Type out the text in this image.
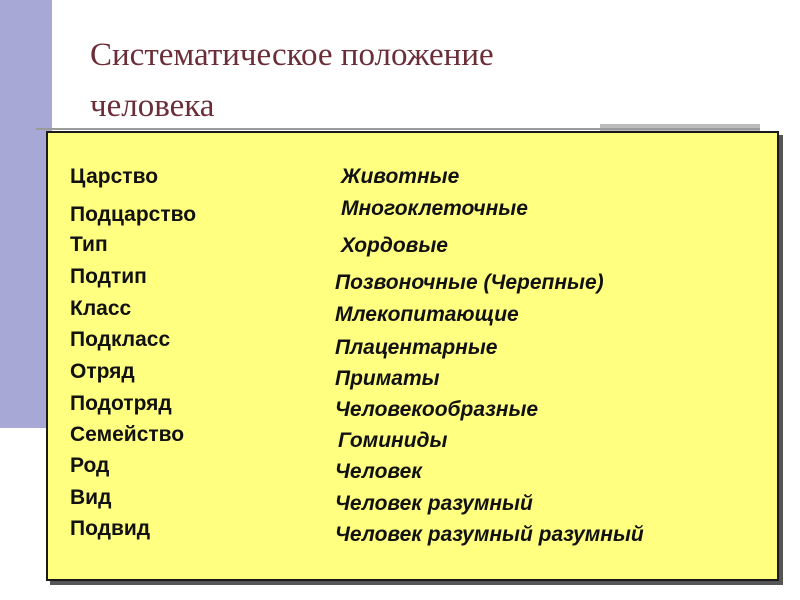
Систематическое положение
человека
Царство
Подцарство
Тип
Подтип
Класс
Подкласс
Отряд
Подотряд
Семейство
Род
Вид
Подвид
Животные
Многоклеточные
Хордовые
Позвоночные (Черепные)
Млекопитающие
Плацентарные
Приматы
Человекообразные
Гоминиды
Человек
Человек разумный
Человек разумный разумный
